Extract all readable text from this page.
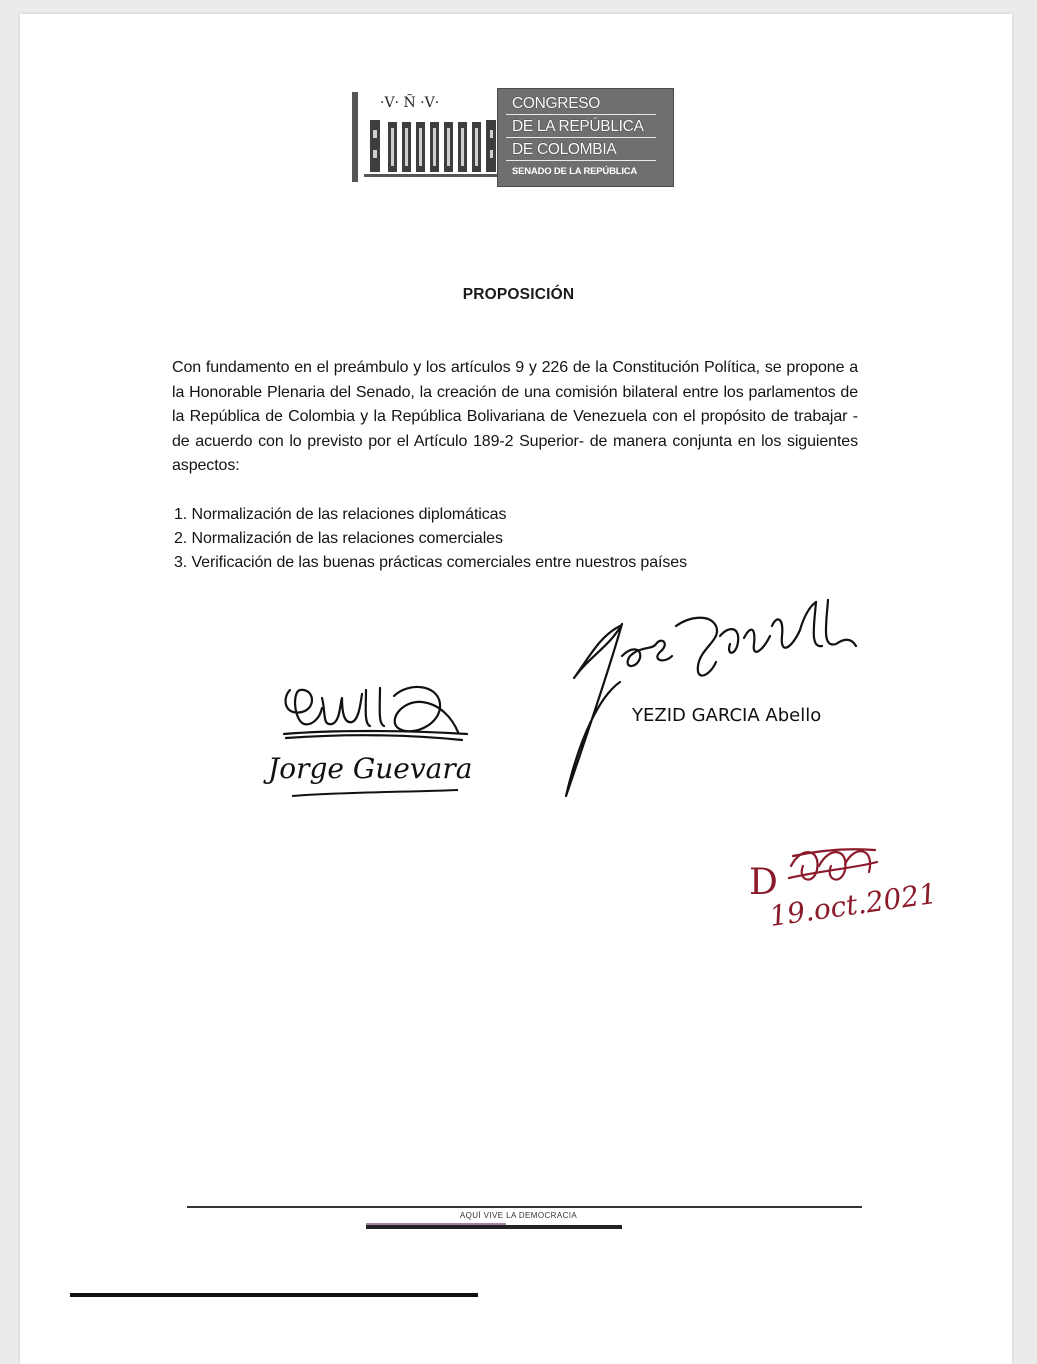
·V· Ñ ·V·	CONGRESO
DE LA REPÚBLICA
DE COLOMBIA
SENADO DE LA REPÚBLICA
PROPOSICIÓN
Con fundamento en el preámbulo y los artículos 9 y 226 de la Constitución Política, se propone a la Honorable Plenaria del Senado, la creación de una comisión bilateral entre los parlamentos de la República de Colombia y la República Bolivariana de Venezuela con el propósito de trabajar -de acuerdo con lo previsto por el Artículo 189-2 Superior- de manera conjunta en los siguientes aspectos:
1. Normalización de las relaciones diplomáticas
2. Normalización de las relaciones comerciales
3. Verificación de las buenas prácticas comerciales entre nuestros países
Jorge Guevara
YEZID GARCIA Abello
D
19.oct.2021
AQUÍ VIVE LA DEMOCRACIA
